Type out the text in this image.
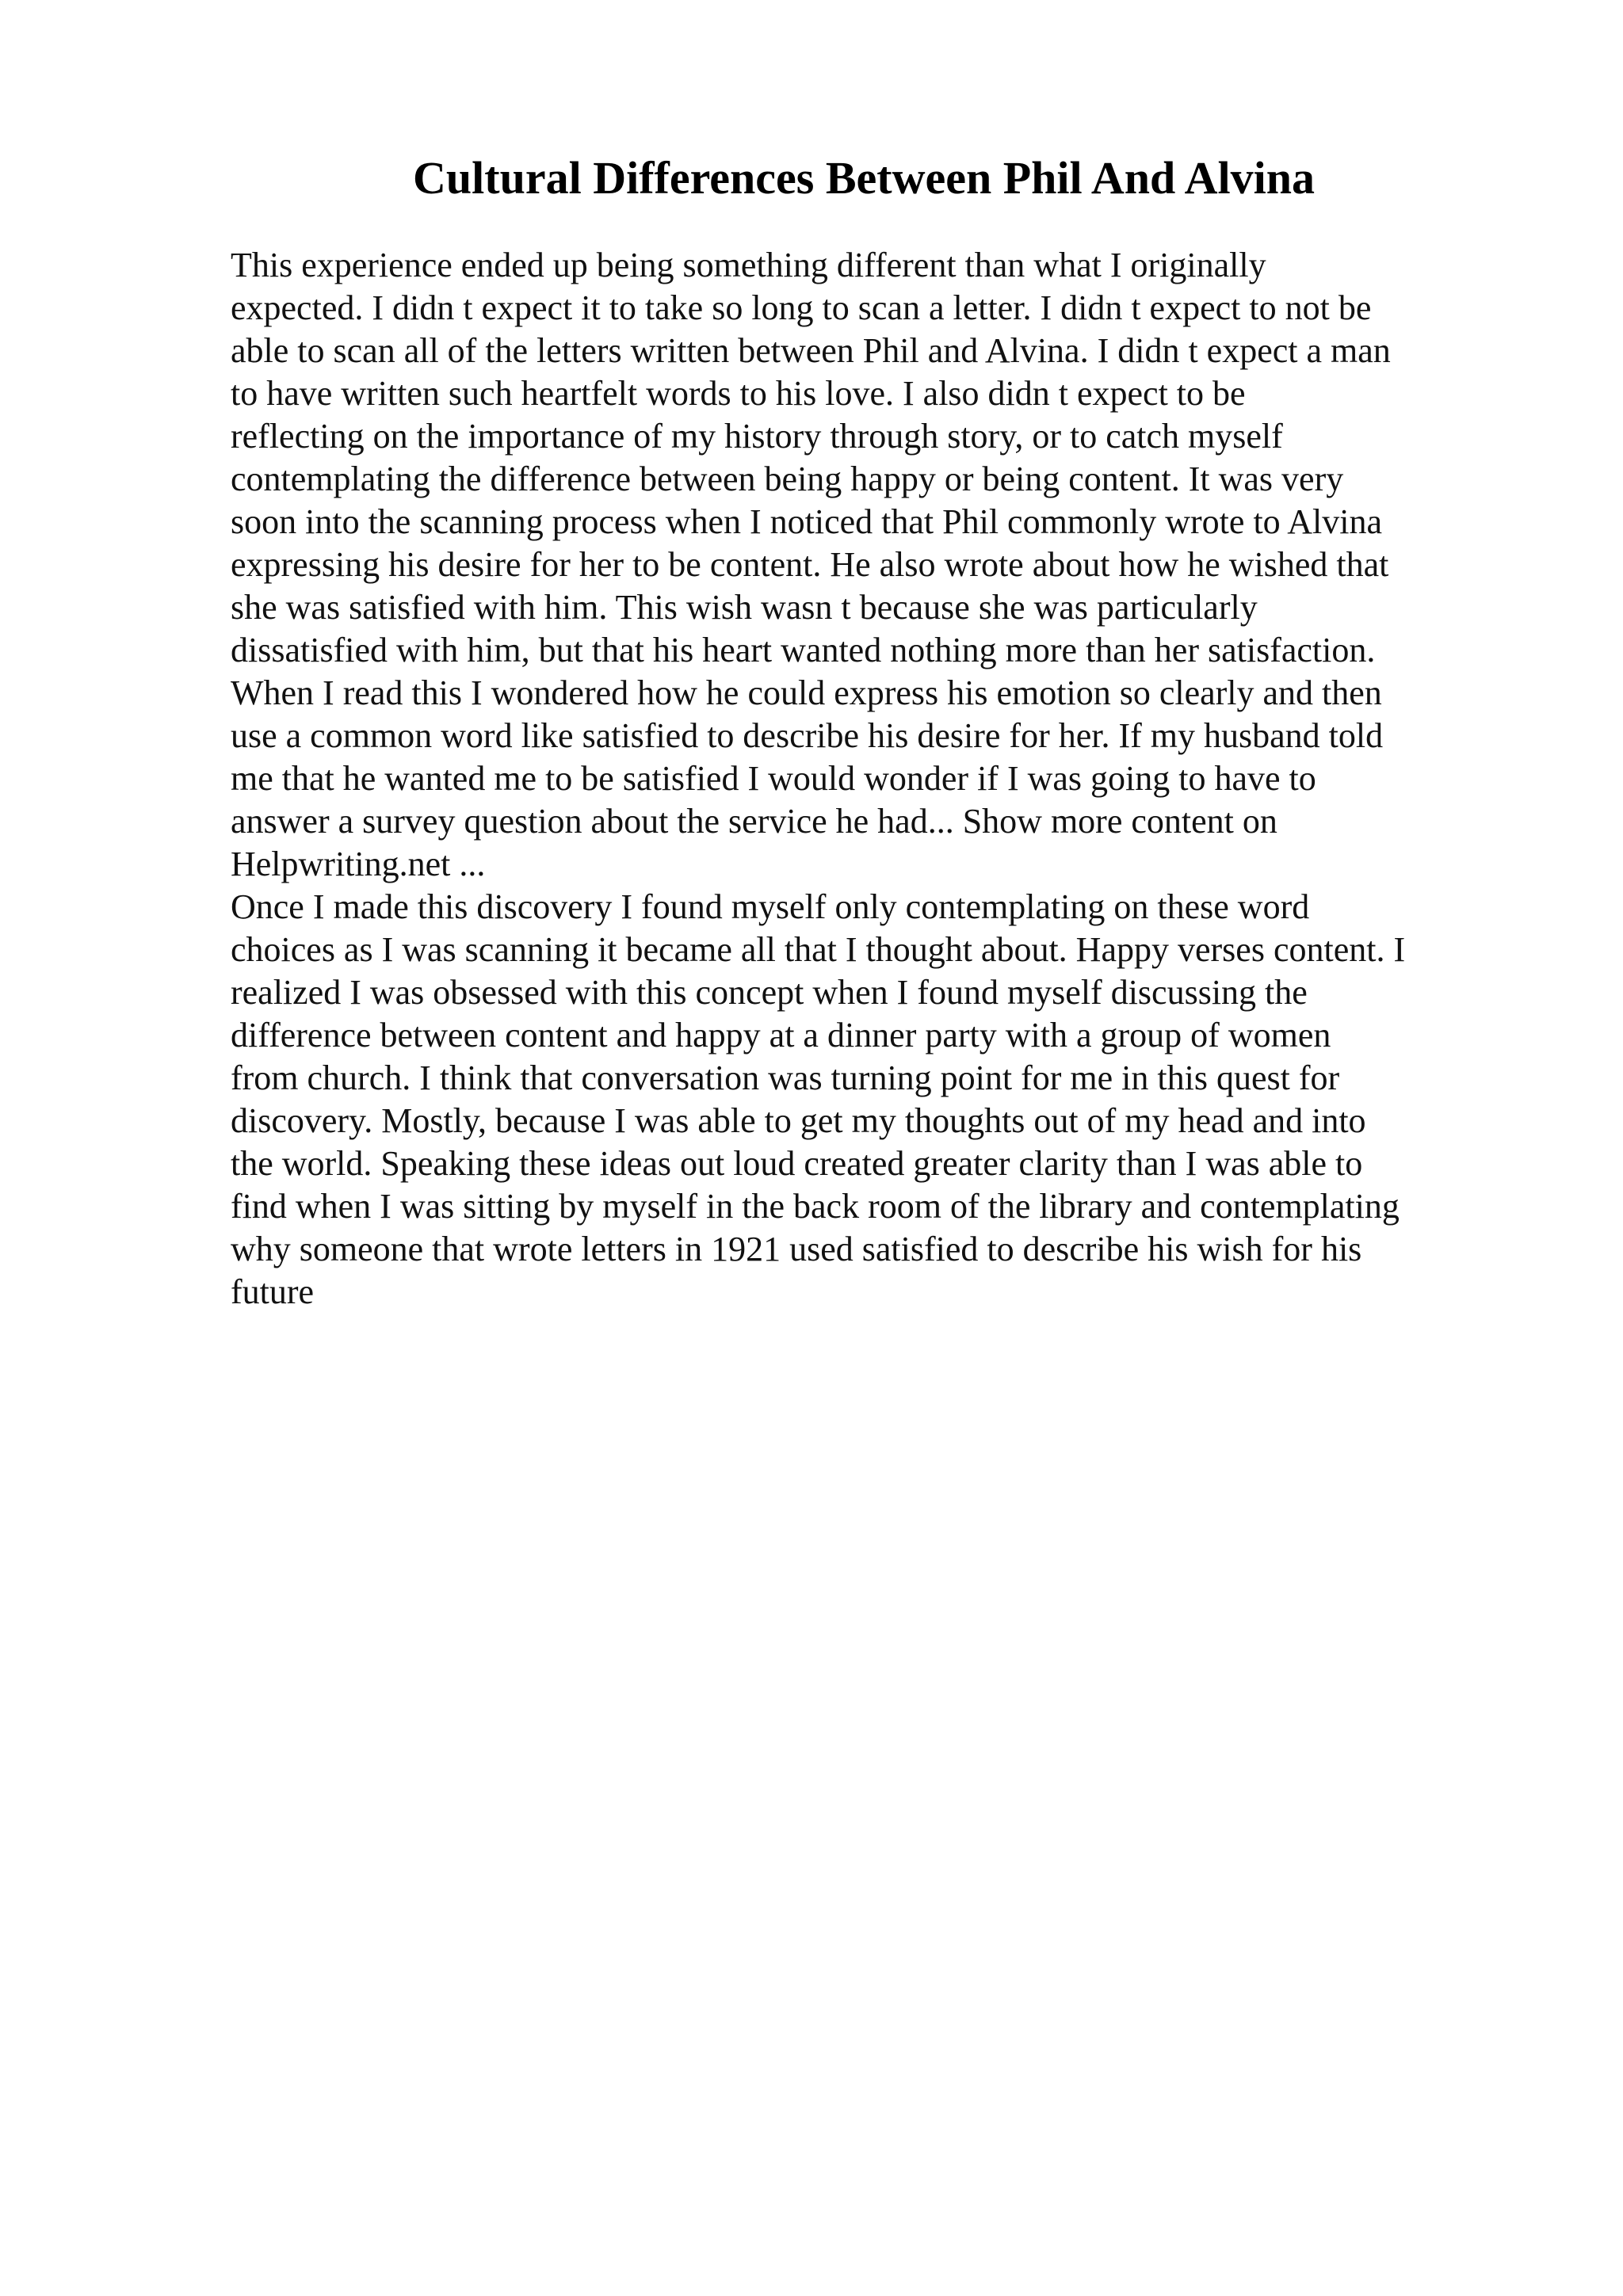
Cultural Differences Between Phil And Alvina
This experience ended up being something different than what I originally
expected. I didn t expect it to take so long to scan a letter. I didn t expect to not be
able to scan all of the letters written between Phil and Alvina. I didn t expect a man
to have written such heartfelt words to his love. I also didn t expect to be
reflecting on the importance of my history through story, or to catch myself
contemplating the difference between being happy or being content. It was very
soon into the scanning process when I noticed that Phil commonly wrote to Alvina
expressing his desire for her to be content. He also wrote about how he wished that
she was satisfied with him. This wish wasn t because she was particularly
dissatisfied with him, but that his heart wanted nothing more than her satisfaction.
When I read this I wondered how he could express his emotion so clearly and then
use a common word like satisfied to describe his desire for her. If my husband told
me that he wanted me to be satisfied I would wonder if I was going to have to
answer a survey question about the service he had... Show more content on
Helpwriting.net ...
Once I made this discovery I found myself only contemplating on these word
choices as I was scanning it became all that I thought about. Happy verses content. I
realized I was obsessed with this concept when I found myself discussing the
difference between content and happy at a dinner party with a group of women
from church. I think that conversation was turning point for me in this quest for
discovery. Mostly, because I was able to get my thoughts out of my head and into
the world. Speaking these ideas out loud created greater clarity than I was able to
find when I was sitting by myself in the back room of the library and contemplating
why someone that wrote letters in 1921 used satisfied to describe his wish for his
future
